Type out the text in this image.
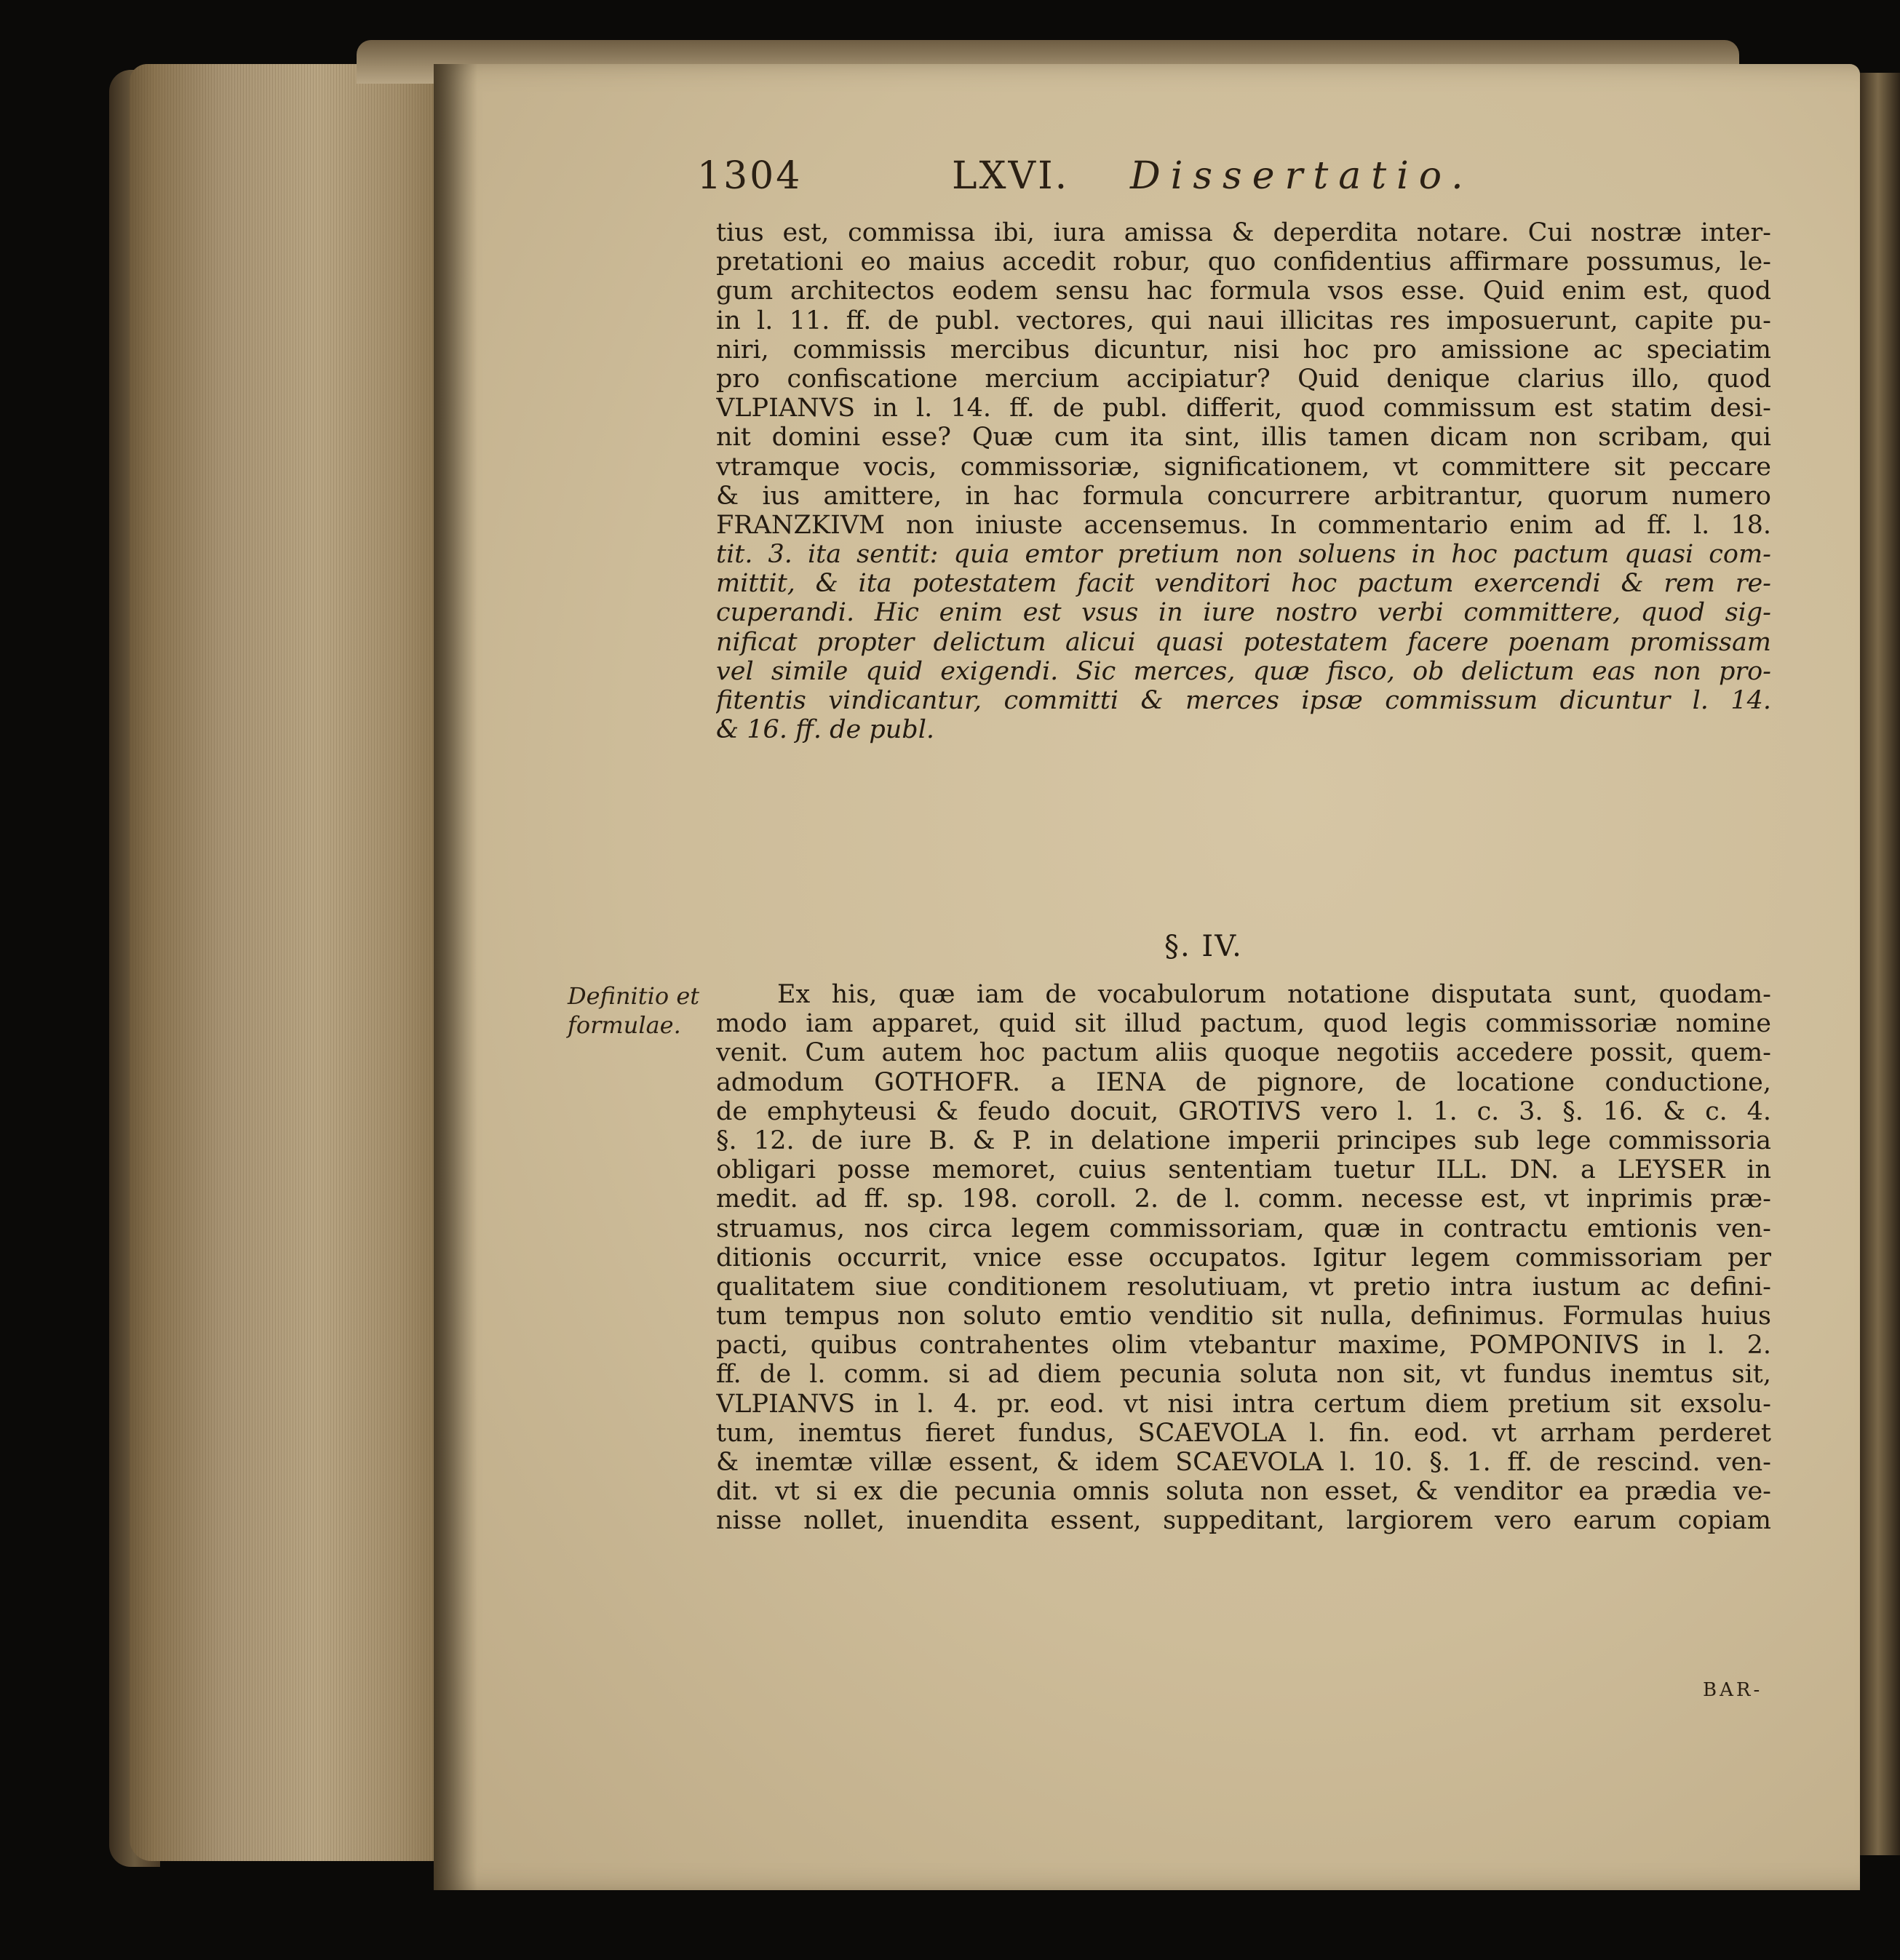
1304	LXVI. Dissertatio.
tius est, commissa ibi, iura amissa & deperdita notare. Cui nostræ inter-
pretationi eo maius accedit robur, quo confidentius affirmare possumus, le-
gum architectos eodem sensu hac formula vsos esse. Quid enim est, quod
in l. 11. ff. de publ. vectores, qui naui illicitas res imposuerunt, capite pu-
niri, commissis mercibus dicuntur, nisi hoc pro amissione ac speciatim
pro confiscatione mercium accipiatur? Quid denique clarius illo, quod
VLPIANVS in l. 14. ff. de publ. differit, quod commissum est statim desi-
nit domini esse? Quæ cum ita sint, illis tamen dicam non scribam, qui
vtramque vocis, commissoriæ, significationem, vt committere sit peccare
& ius amittere, in hac formula concurrere arbitrantur, quorum numero
FRANZKIVM non iniuste accensemus. In commentario enim ad ff. l. 18.
tit. 3. ita sentit: quia emtor pretium non soluens in hoc pactum quasi com-
mittit, & ita potestatem facit venditori hoc pactum exercendi & rem re-
cuperandi. Hic enim est vsus in iure nostro verbi committere, quod sig-
nificat propter delictum alicui quasi potestatem facere poenam promissam
vel simile quid exigendi. Sic merces, quæ fisco, ob delictum eas non pro-
fitentis vindicantur, committi & merces ipsæ commissum dicuntur l. 14.
& 16. ff. de publ.
§. IV.
Definitio et
formulae.
Ex his, quæ iam de vocabulorum notatione disputata sunt, quodam-
modo iam apparet, quid sit illud pactum, quod legis commissoriæ nomine
venit. Cum autem hoc pactum aliis quoque negotiis accedere possit, quem-
admodum GOTHOFR. a IENA de pignore, de locatione conductione,
de emphyteusi & feudo docuit, GROTIVS vero l. 1. c. 3. §. 16. & c. 4.
§. 12. de iure B. & P. in delatione imperii principes sub lege commissoria
obligari posse memoret, cuius sententiam tuetur ILL. DN. a LEYSER in
medit. ad ff. sp. 198. coroll. 2. de l. comm. necesse est, vt inprimis præ-
struamus, nos circa legem commissoriam, quæ in contractu emtionis ven-
ditionis occurrit, vnice esse occupatos. Igitur legem commissoriam per
qualitatem siue conditionem resolutiuam, vt pretio intra iustum ac defini-
tum tempus non soluto emtio venditio sit nulla, definimus. Formulas huius
pacti, quibus contrahentes olim vtebantur maxime, POMPONIVS in l. 2.
ff. de l. comm. si ad diem pecunia soluta non sit, vt fundus inemtus sit,
VLPIANVS in l. 4. pr. eod. vt nisi intra certum diem pretium sit exsolu-
tum, inemtus fieret fundus, SCAEVOLA l. fin. eod. vt arrham perderet
& inemtæ villæ essent, & idem SCAEVOLA l. 10. §. 1. ff. de rescind. ven-
dit. vt si ex die pecunia omnis soluta non esset, & venditor ea prædia ve-
nisse nollet, inuendita essent, suppeditant, largiorem vero earum copiam
BAR-
